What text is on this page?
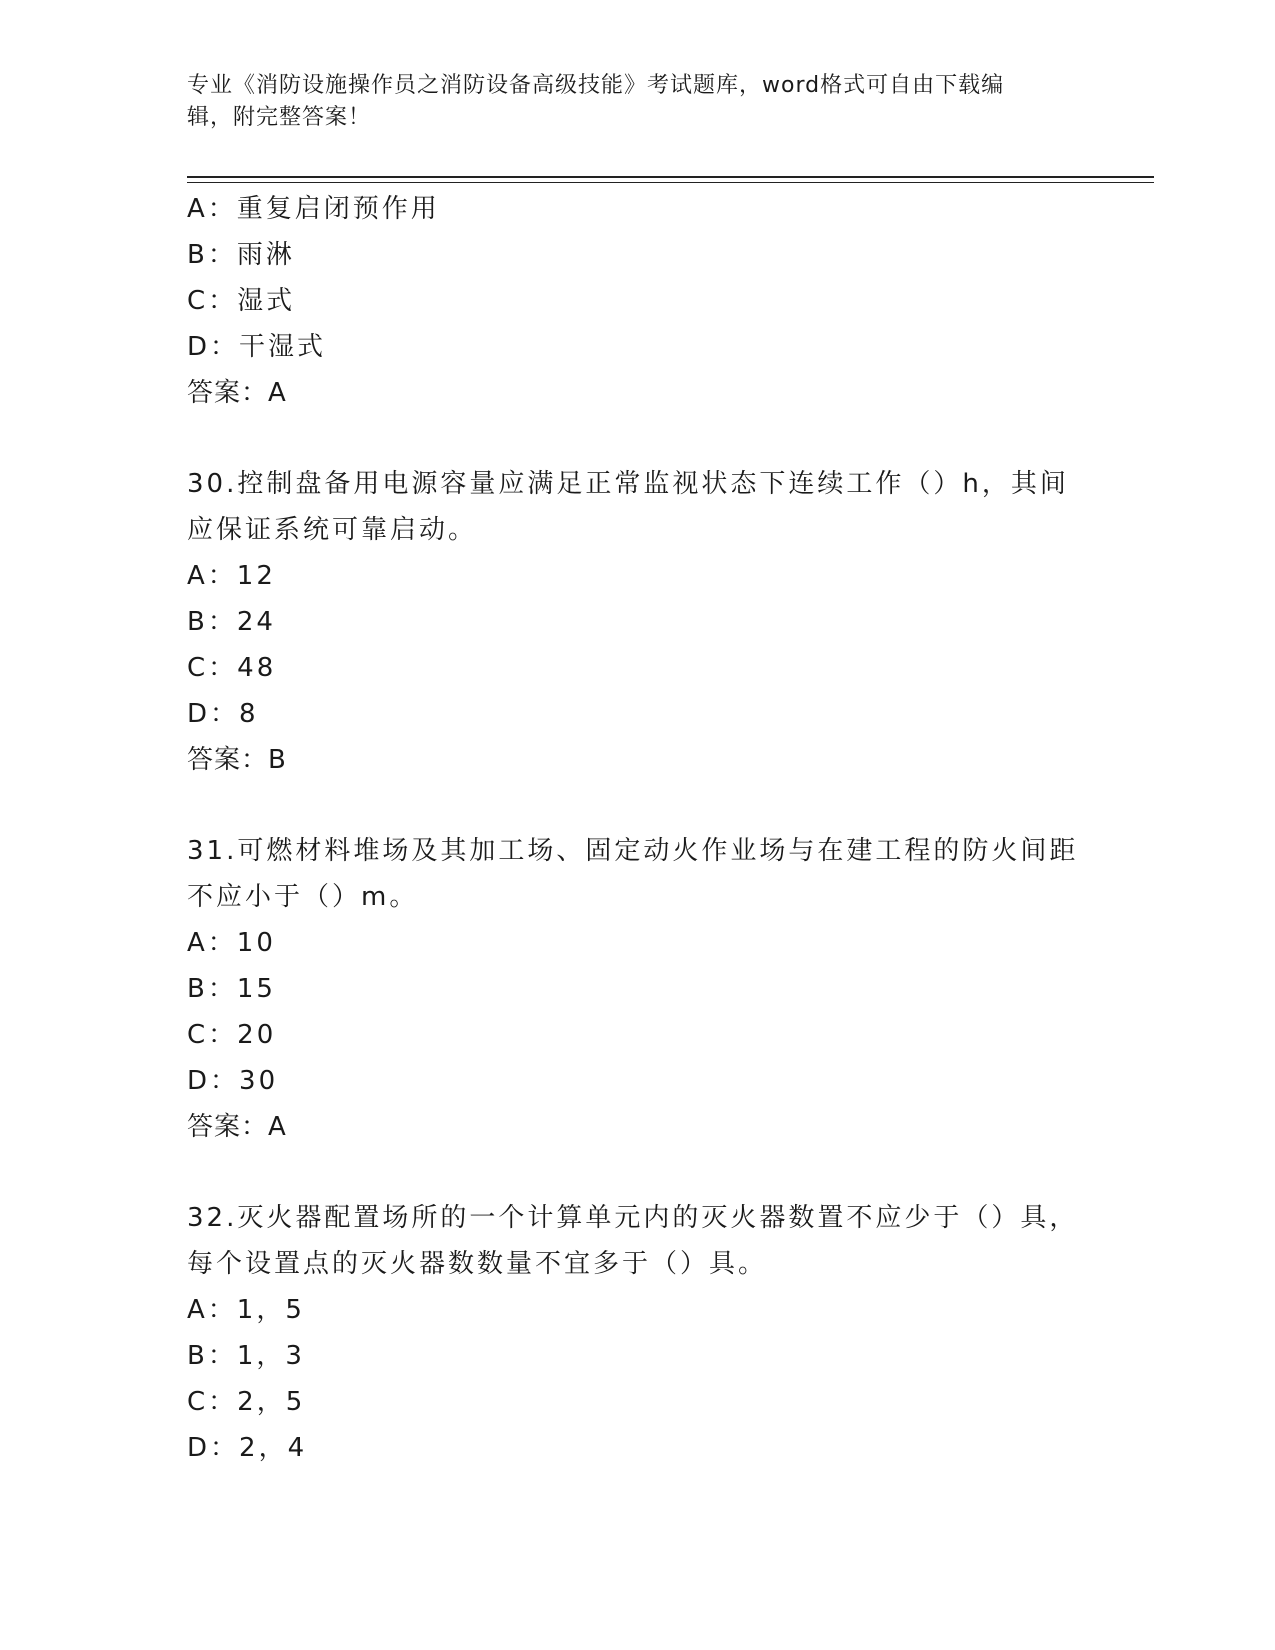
专业《消防设施操作员之消防设备高级技能》考试题库，word格式可自由下载编
辑，附完整答案！
A：重复启闭预作用
B：雨淋
C：湿式
D：干湿式
答案：A
30.控制盘备用电源容量应满足正常监视状态下连续工作（）h，其间
应保证系统可靠启动。
A：12
B：24
C：48
D：8
答案：B
31.可燃材料堆场及其加工场、固定动火作业场与在建工程的防火间距
不应小于（）m。
A：10
B：15
C：20
D：30
答案：A
32.灭火器配置场所的一个计算单元内的灭火器数置不应少于（）具，
每个设置点的灭火器数数量不宜多于（）具。
A：1，5
B：1，3
C：2，5
D：2，4
